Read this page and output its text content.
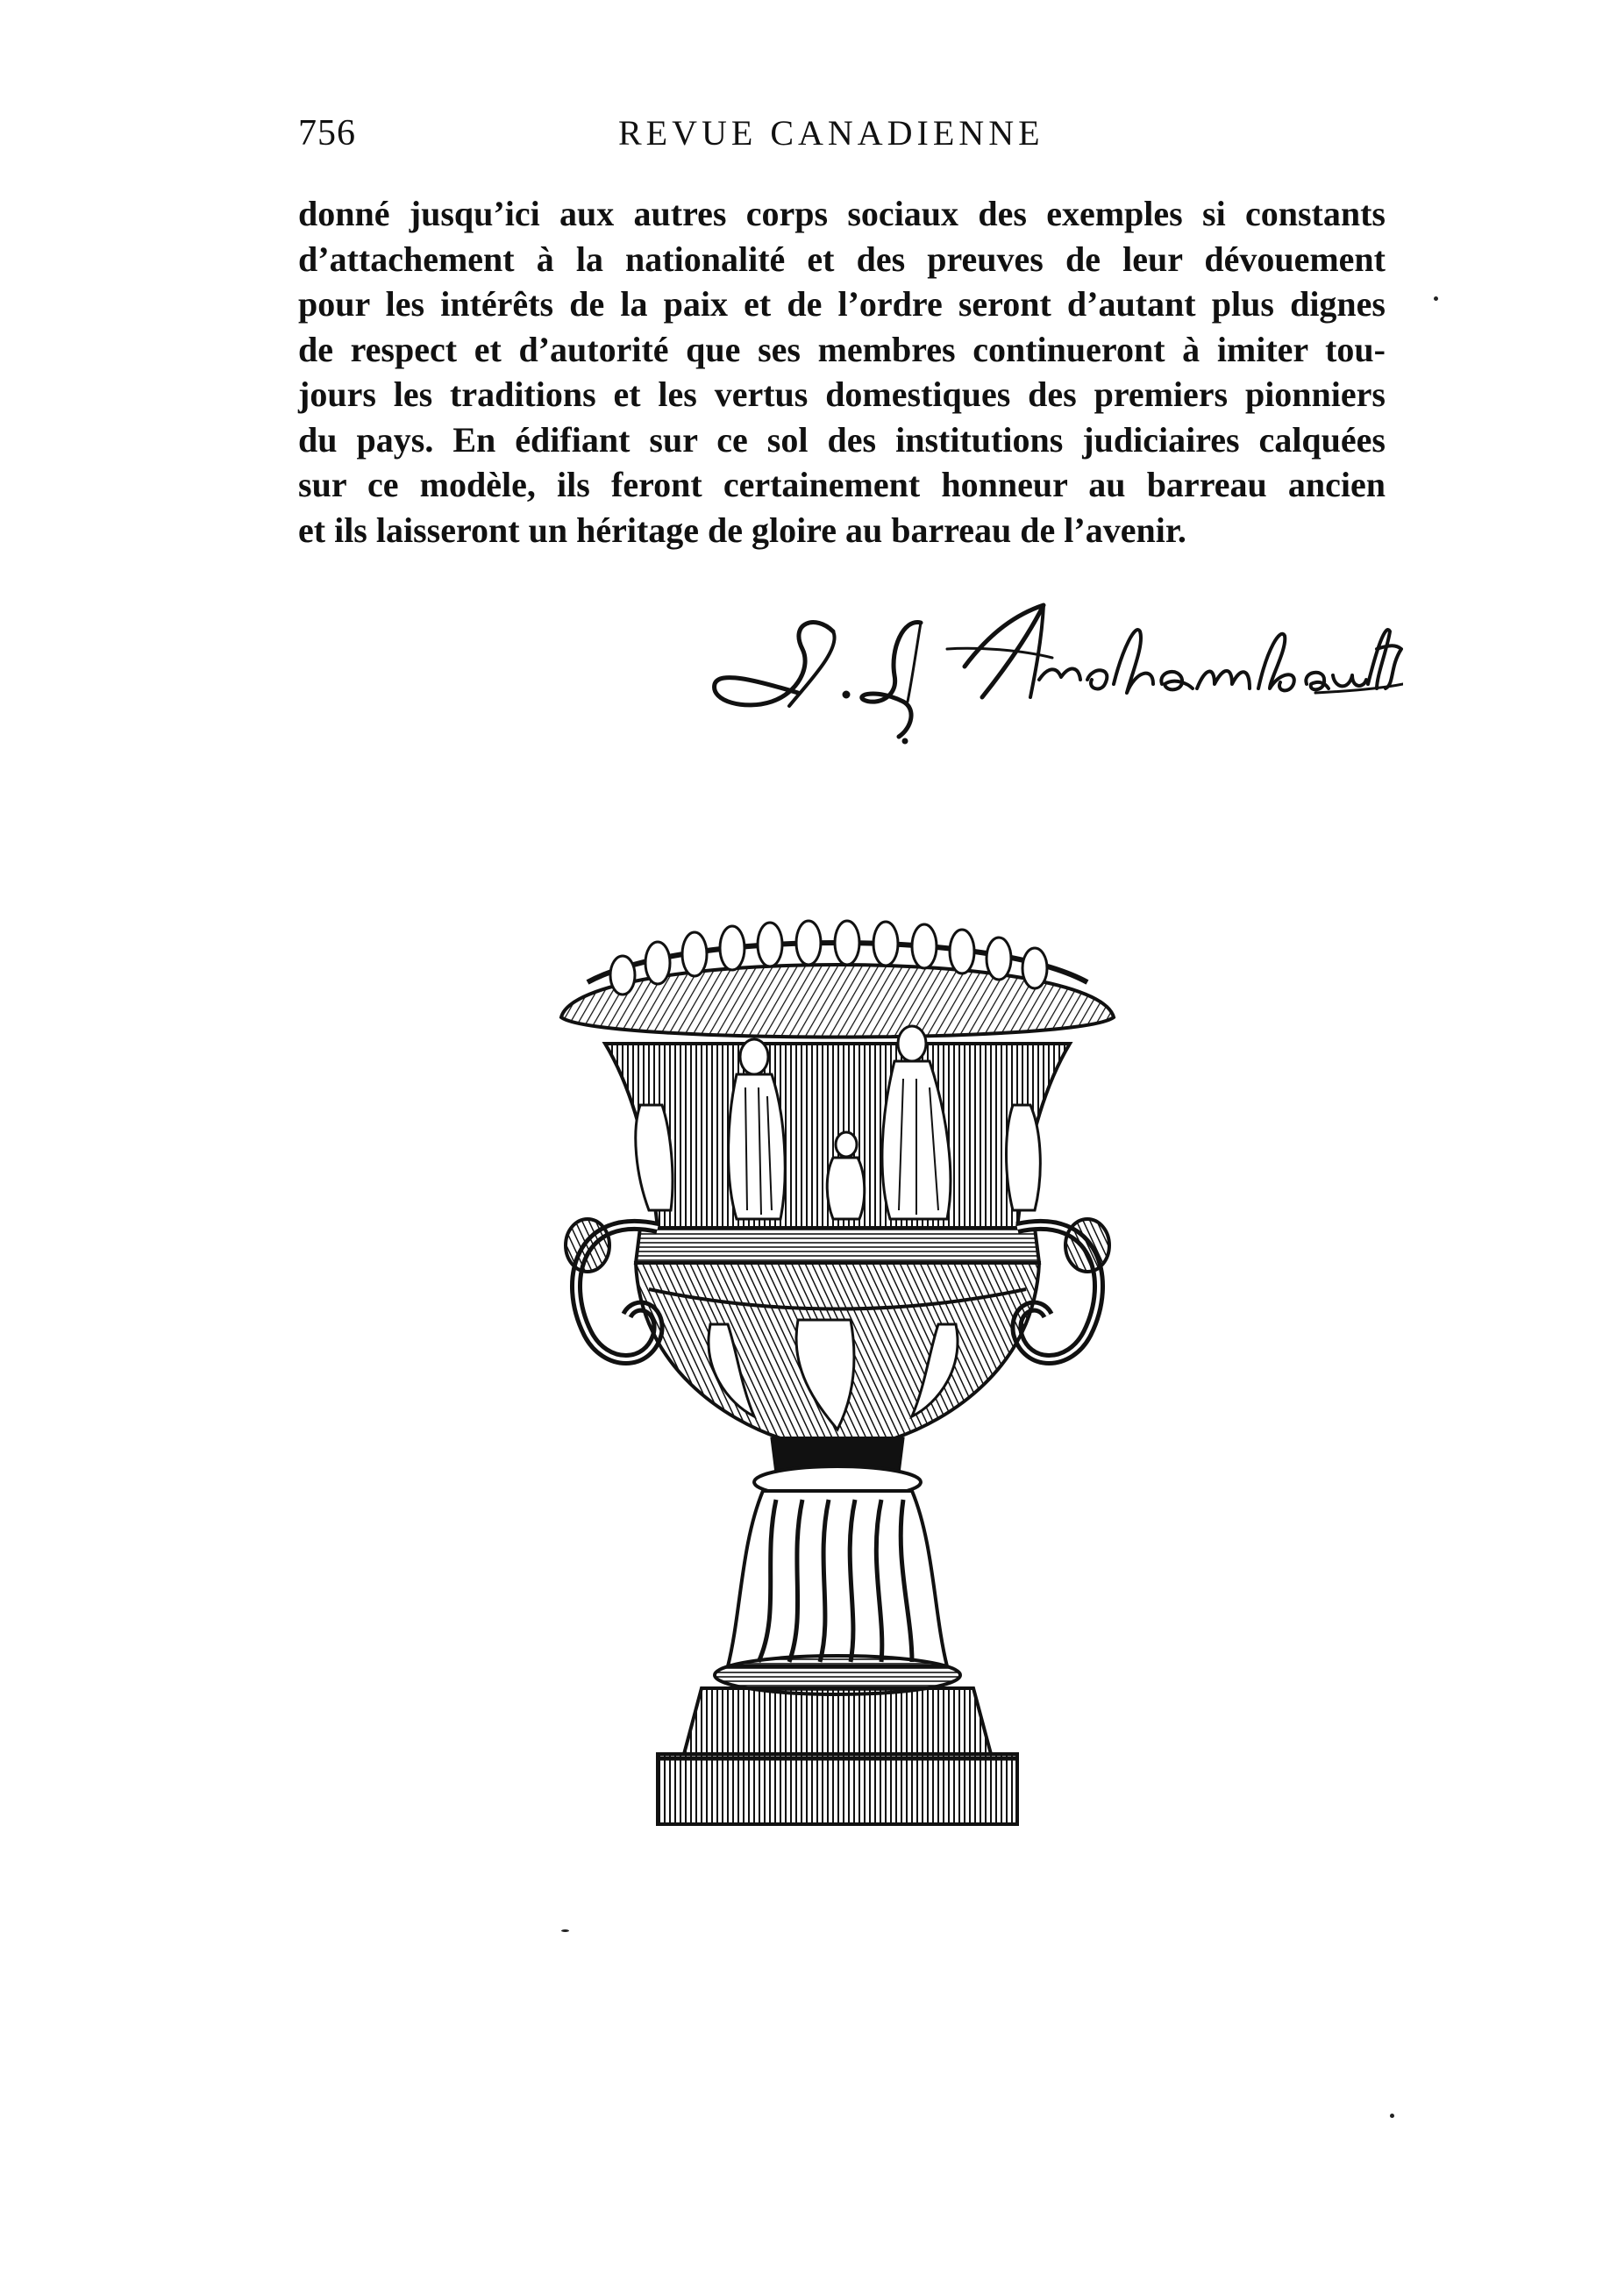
756	REVUE CANADIENNE
donné jusqu’ici aux autres corps sociaux des exemples si constants
d’attachement à la nationalité et des preuves de leur dévouement
pour les intérêts de la paix et de l’ordre seront d’autant plus dignes
de respect et d’autorité que ses membres continueront à imiter tou-
jours les traditions et les vertus domestiques des premiers pionniers
du pays. En édifiant sur ce sol des institutions judiciaires calquées
sur ce modèle, ils feront certainement honneur au barreau ancien
et ils laisseront un héritage de gloire au barreau de l’avenir.
